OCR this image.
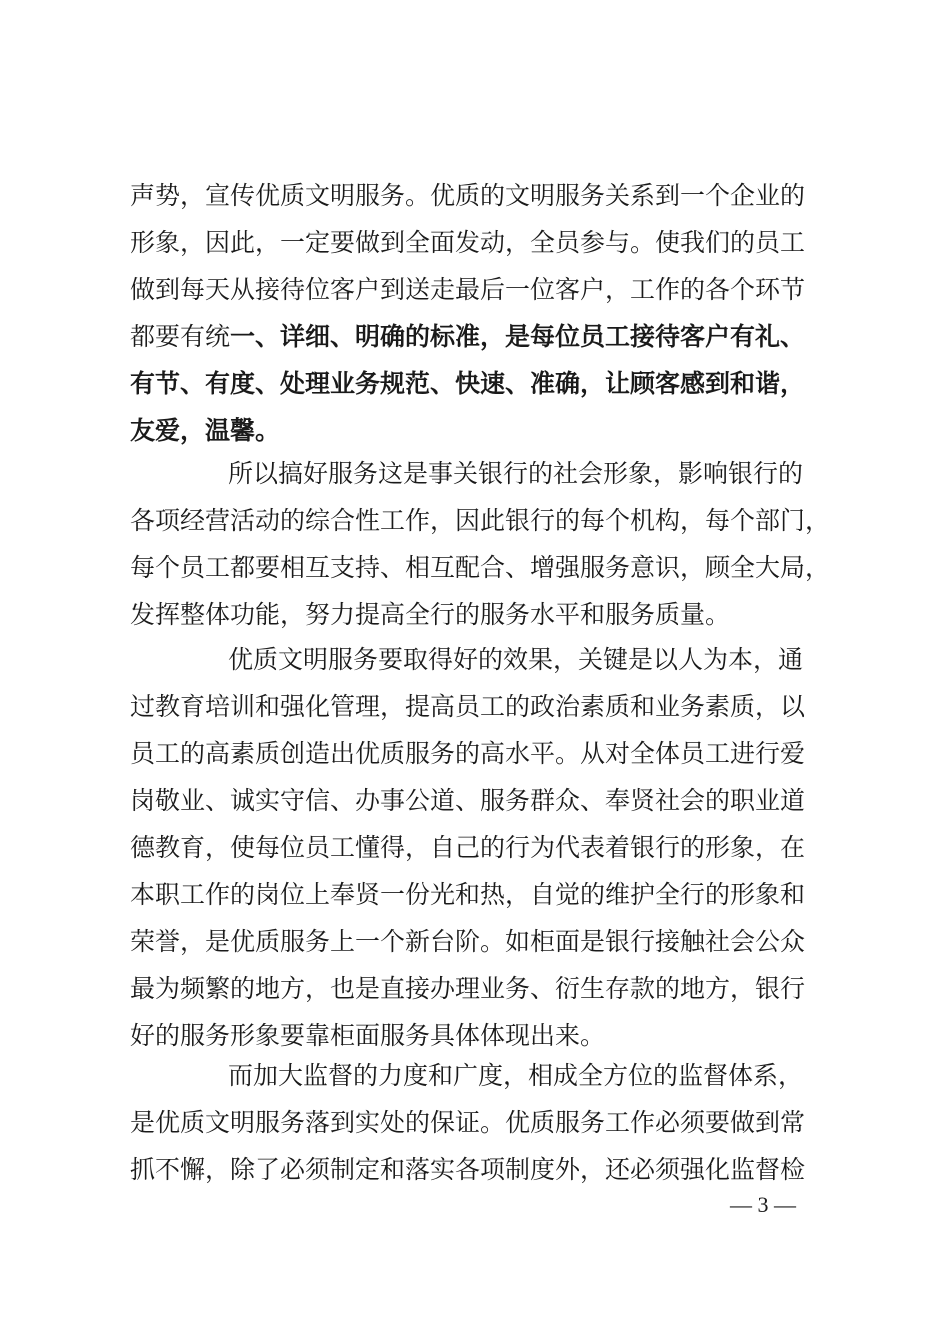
声势，宣传优质文明服务。优质的文明服务关系到一个企业的
形象，因此，一定要做到全面发动，全员参与。使我们的员工
做到每天从接待位客户到送走最后一位客户，工作的各个环节
都要有统一、详细、明确的标准，是每位员工接待客户有礼、
有节、有度、处理业务规范、快速、准确，让顾客感到和谐，
友爱，温馨。
所以搞好服务这是事关银行的社会形象，影响银行的
各项经营活动的综合性工作，因此银行的每个机构，每个部门，
每个员工都要相互支持、相互配合、增强服务意识，顾全大局，
发挥整体功能，努力提高全行的服务水平和服务质量。
优质文明服务要取得好的效果，关键是以人为本，通
过教育培训和强化管理，提高员工的政治素质和业务素质，以
员工的高素质创造出优质服务的高水平。从对全体员工进行爱
岗敬业、诚实守信、办事公道、服务群众、奉贤社会的职业道
德教育，使每位员工懂得，自己的行为代表着银行的形象，在
本职工作的岗位上奉贤一份光和热，自觉的维护全行的形象和
荣誉，是优质服务上一个新台阶。如柜面是银行接触社会公众
最为频繁的地方，也是直接办理业务、衍生存款的地方，银行
好的服务形象要靠柜面服务具体体现出来。
而加大监督的力度和广度，相成全方位的监督体系，
是优质文明服务落到实处的保证。优质服务工作必须要做到常
抓不懈，除了必须制定和落实各项制度外，还必须强化监督检
— 3 —
